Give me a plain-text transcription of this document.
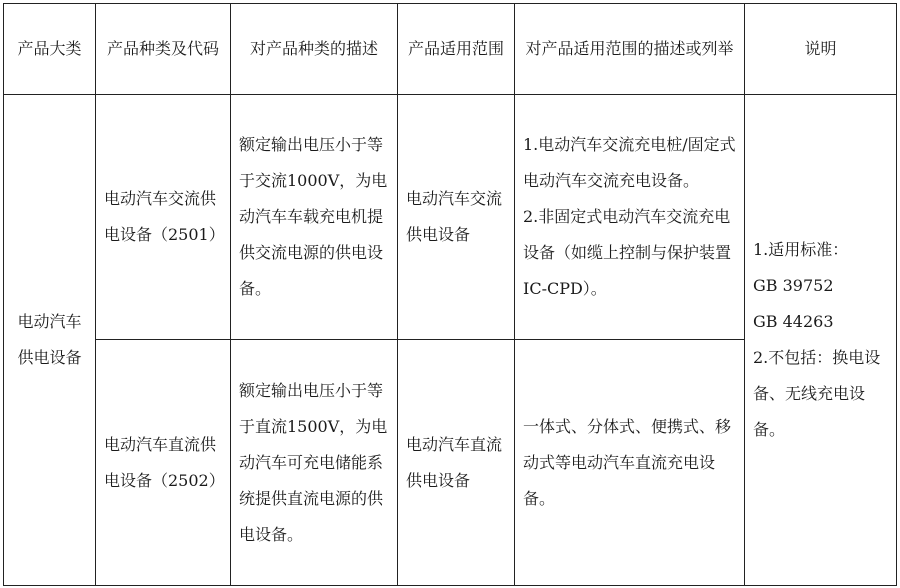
产品大类	产品种类及代码	对产品种类的描述	产品适用范围	对产品适用范围的描述或列举	说明
电动汽车供电设备	电动汽车交流供电设备（2501）	额定输出电压小于等于交流1000V，为电动汽车车载充电机提供交流电源的供电设备。	电动汽车交流供电设备	1.电动汽车交流充电桩/固定式电动汽车交流充电设备。
2.非固定式电动汽车交流充电设备（如缆上控制与保护装置IC-CPD）。	1.适用标准：
GB 39752
GB 44263
2.不包括：换电设备、无线充电设备。

	电动汽车直流供电设备（2502）	额定输出电压小于等于直流1500V，为电动汽车可充电储能系统提供直流电源的供电设备。	电动汽车直流供电设备	一体式、分体式、便携式、移动式等电动汽车直流充电设备。	
